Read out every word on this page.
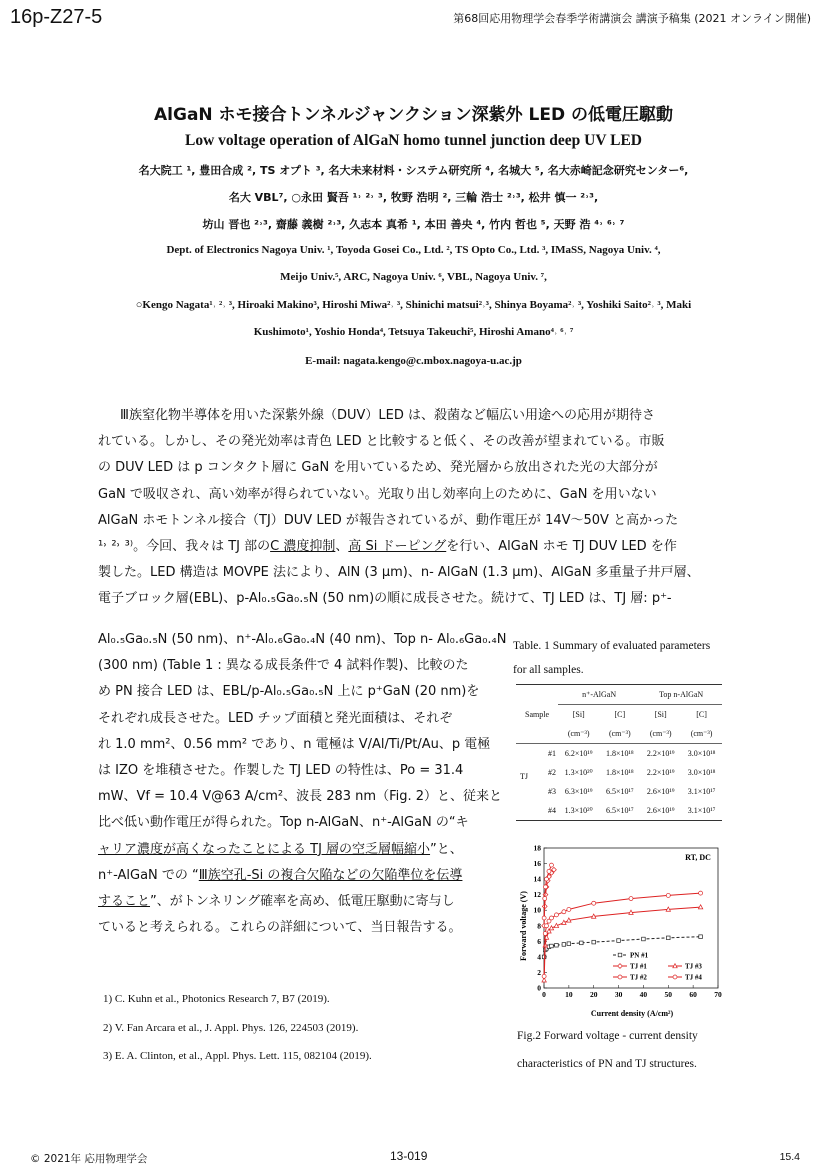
16p-Z27-5	第68回応用物理学会春季学術講演会 講演予稿集 (2021 オンライン開催)
AlGaN ホモ接合トンネルジャンクション深紫外 LED の低電圧駆動
Low voltage operation of AlGaN homo tunnel junction deep UV LED
名大院工 ¹, 豊田合成 ², TS オプト ³, 名大未来材料・システム研究所 ⁴, 名城大 ⁵, 名大赤崎記念研究センター⁶,
名大 VBL⁷, ○永田 賢吾 ¹˒ ²˒ ³, 牧野 浩明 ², 三輪 浩士 ²˒³, 松井 慎一 ²˒³,
坊山 晋也 ²˒³, 齋藤 義樹 ²˒³, 久志本 真希 ¹, 本田 善央 ⁴, 竹内 哲也 ⁵, 天野 浩 ⁴˒ ⁶˒ ⁷
Dept. of Electronics Nagoya Univ. ¹, Toyoda Gosei Co., Ltd. ², TS Opto Co., Ltd. ³, IMaSS, Nagoya Univ. ⁴,
Meijo Univ.⁵, ARC, Nagoya Univ. ⁶, VBL, Nagoya Univ. ⁷,
○Kengo Nagata¹˒ ²˒ ³, Hiroaki Makino³, Hiroshi Miwa²˒ ³, Shinichi matsui²˒³, Shinya Boyama²˒ ³, Yoshiki Saito²˒ ³, Maki
Kushimoto¹, Yoshio Honda⁴, Tetsuya Takeuchi⁵, Hiroshi Amano⁴˒ ⁶˒ ⁷
E-mail: nagata.kengo@c.mbox.nagoya-u.ac.jp
Ⅲ族窒化物半導体を用いた深紫外線（DUV）LED は、殺菌など幅広い用途への応用が期待さ
れている。しかし、その発光効率は青色 LED と比較すると低く、その改善が望まれている。市販
の DUV LED は p コンタクト層に GaN を用いているため、発光層から放出された光の大部分が
GaN で吸収され、高い効率が得られていない。光取り出し効率向上のために、GaN を用いない
AlGaN ホモトンネル接合（TJ）DUV LED が報告されているが、動作電圧が 14V～50V と高かった
¹˒ ²˒ ³⁾。今回、我々は TJ 部のC 濃度抑制、高 Si ドーピングを行い、AlGaN ホモ TJ DUV LED を作
製した。LED 構造は MOVPE 法により、AlN (3 µm)、n- AlGaN (1.3 µm)、AlGaN 多重量子井戸層、
電子ブロック層(EBL)、p-Al₀.₅Ga₀.₅N (50 nm)の順に成長させた。続けて、TJ LED は、TJ 層: p⁺-
Al₀.₅Ga₀.₅N (50 nm)、n⁺-Al₀.₆Ga₀.₄N (40 nm)、Top n- Al₀.₆Ga₀.₄N
(300 nm) (Table 1 : 異なる成長条件で 4 試料作製)、比較のた
め PN 接合 LED は、EBL/p-Al₀.₅Ga₀.₅N 上に p⁺GaN (20 nm)を
それぞれ成長させた。LED チップ面積と発光面積は、それぞ
れ 1.0 mm²、0.56 mm² であり、n 電極は V/Al/Ti/Pt/Au、p 電極
は IZO を堆積させた。作製した TJ LED の特性は、Po = 31.4
mW、Vf = 10.4 V@63 A/cm²、波長 283 nm（Fig. 2）と、従来と
比べ低い動作電圧が得られた。Top n-AlGaN、n⁺-AlGaN の“キ
ャリア濃度が高くなったことによる TJ 層の空乏層幅縮小”と、
n⁺-AlGaN での “Ⅲ族空孔-Si の複合欠陥などの欠陥準位を伝導
すること”、がトンネリング確率を高め、低電圧駆動に寄与し
ていると考えられる。これらの詳細について、当日報告する。
Table. 1 Summary of evaluated parameters
for all samples.
	n⁺-AlGaN		Top n-AlGaN	
Sample	[Si]	[C]	[Si]	[C]
	(cm⁻³)	(cm⁻³)	(cm⁻³)	(cm⁻³)

TJ
#1	6.2×10¹⁹	1.8×10¹⁸	2.2×10¹⁹	3.0×10¹⁸
#2	1.3×10²⁰	1.8×10¹⁸	2.2×10¹⁹	3.0×10¹⁸
#3	6.3×10¹⁹	6.5×10¹⁷	2.6×10¹⁹	3.1×10¹⁷
#4	1.3×10²⁰	6.5×10¹⁷	2.6×10¹⁹	3.1×10¹⁷
0	10 20 30 40 50 60 70
0
2
4
6
8
10
12
14
16
18
RT, DC
Current density (A/cm²)
Forward voltage (V)	PN #1
TJ #1
TJ #2
TJ #3
TJ #4
Fig.2 Forward voltage - current density
characteristics of PN and TJ structures.
1) C. Kuhn et al., Photonics Research 7, B7 (2019).
2) V. Fan Arcara et al., J. Appl. Phys. 126, 224503 (2019).
3) E. A. Clinton, et al., Appl. Phys. Lett. 115, 082104 (2019).
© 2021年 応用物理学会	13-019	15.4
